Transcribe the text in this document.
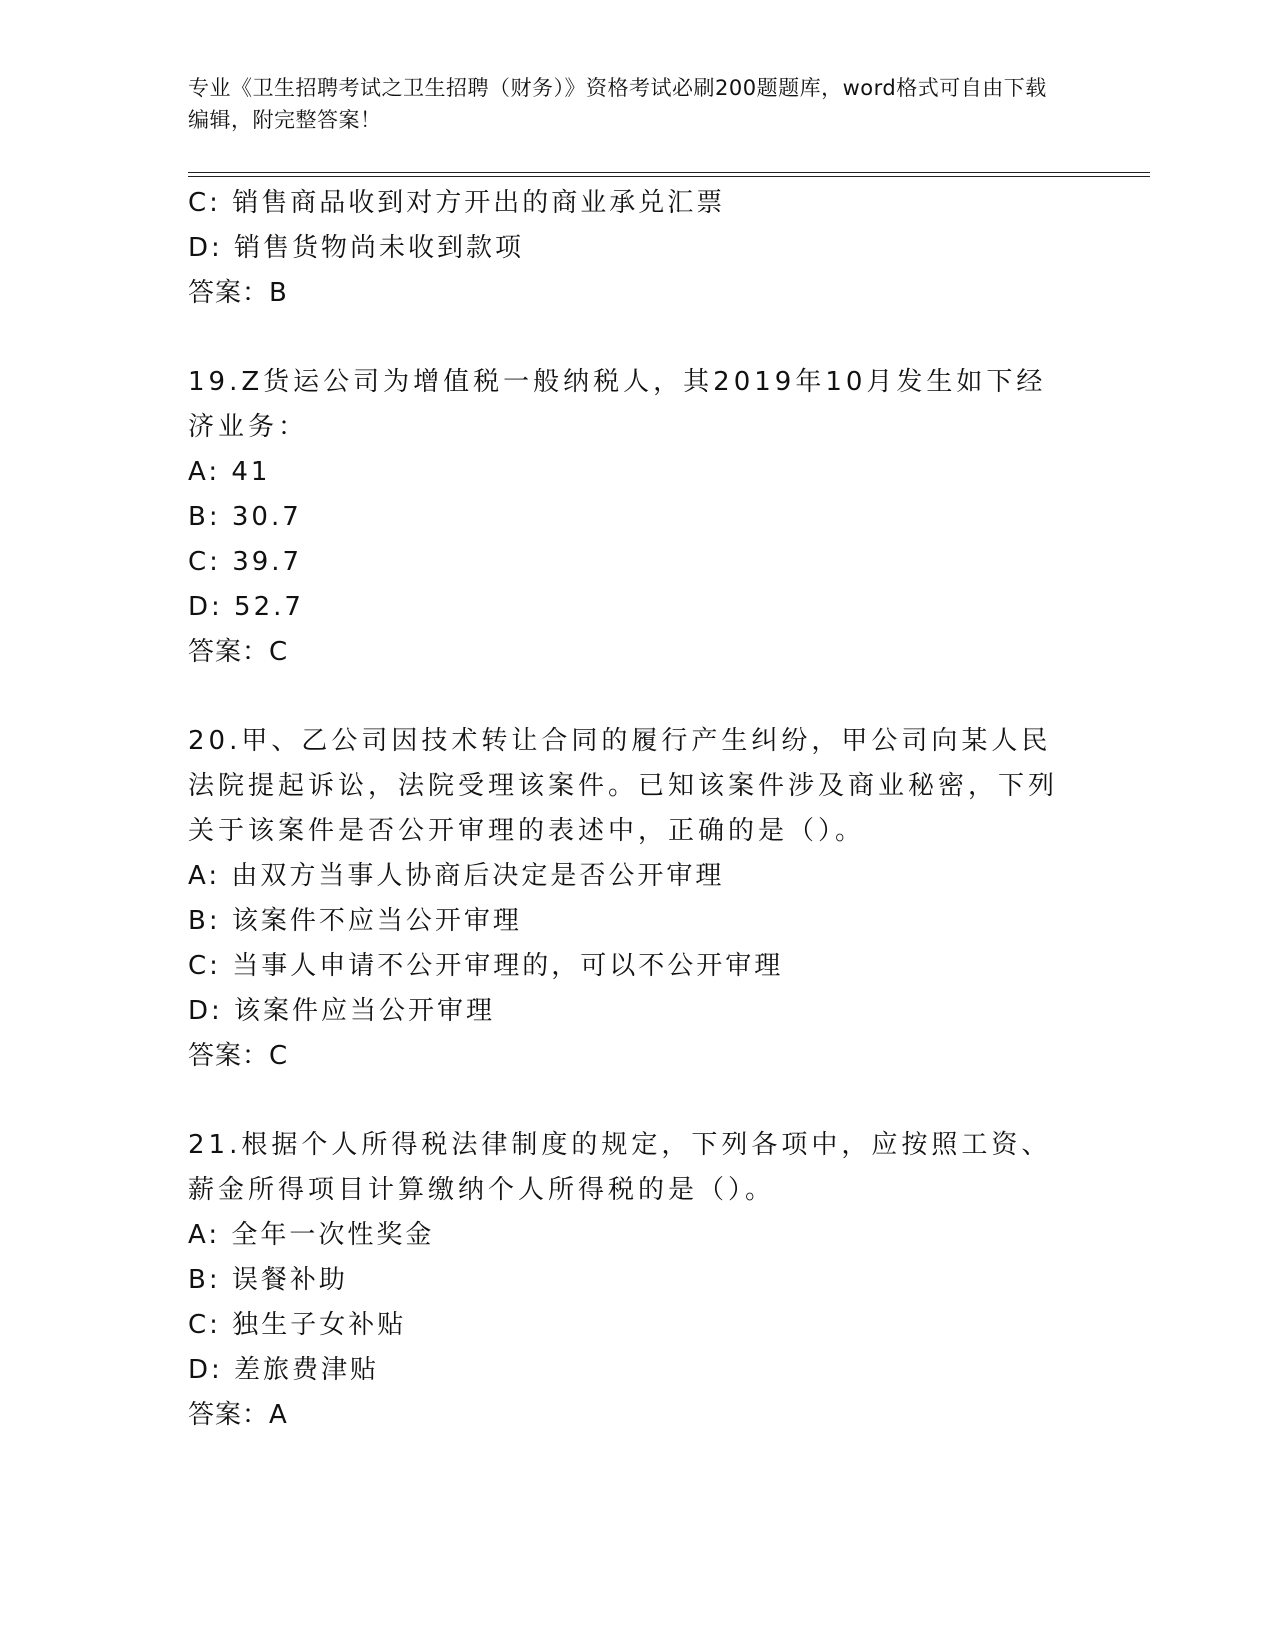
专业《卫生招聘考试之卫生招聘（财务）》资格考试必刷200题题库，word格式可自由下载编辑，附完整答案！
C: 销售商品收到对方开出的商业承兑汇票
D: 销售货物尚未收到款项
答案：B
19.Z货运公司为增值税一般纳税人，其2019年10月发生如下经济业务：
A: 41
B: 30.7
C: 39.7
D: 52.7
答案：C
20.甲、乙公司因技术转让合同的履行产生纠纷，甲公司向某人民法院提起诉讼，法院受理该案件。已知该案件涉及商业秘密，下列关于该案件是否公开审理的表述中，正确的是（）。
A: 由双方当事人协商后决定是否公开审理
B: 该案件不应当公开审理
C: 当事人申请不公开审理的，可以不公开审理
D: 该案件应当公开审理
答案：C
21.根据个人所得税法律制度的规定，下列各项中，应按照工资、薪金所得项目计算缴纳个人所得税的是（）。
A: 全年一次性奖金
B: 误餐补助
C: 独生子女补贴
D: 差旅费津贴
答案：A
